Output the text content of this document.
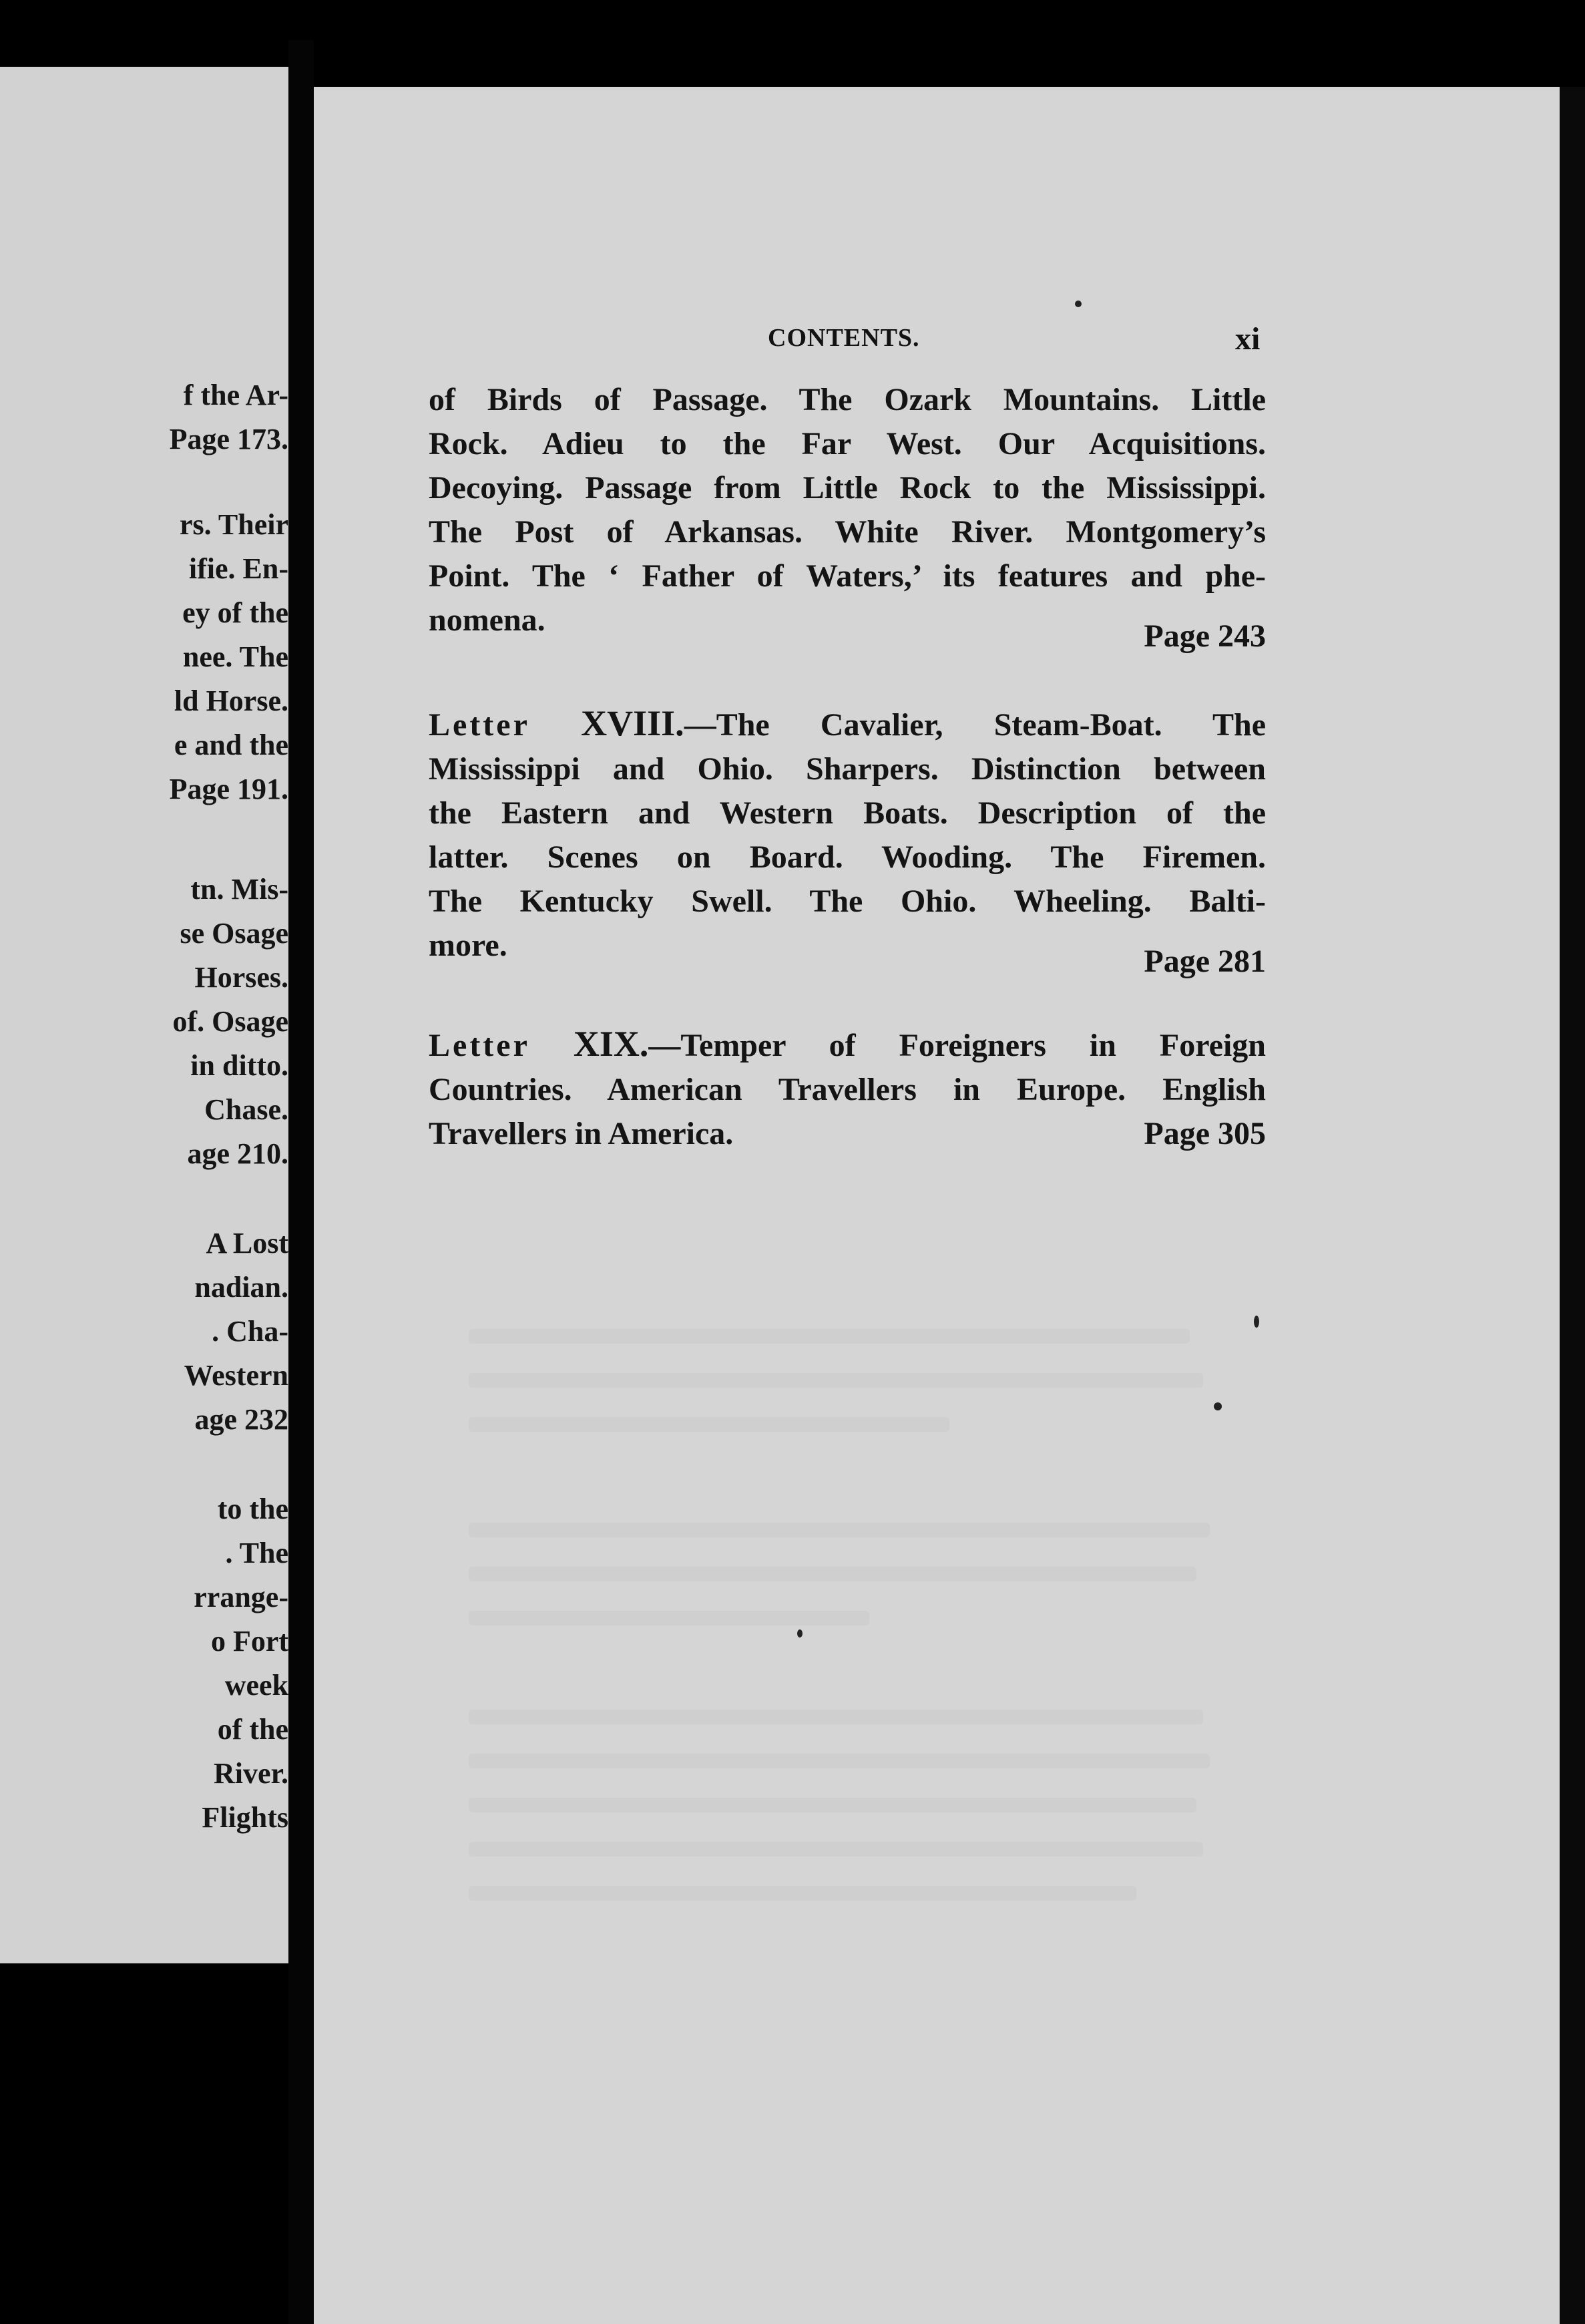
f the Ar-
Page 173.
rs. Their
ifie. En-
ey of the
nee. The
ld Horse.
e and the
Page 191.
tn. Mis-
se Osage
Horses.
of. Osage
in ditto.
Chase.
age 210.
A Lost
nadian.
. Cha-
Western
age 232
to the
. The
rrange-
o Fort
week
of the
River.
Flights
CONTENTS.	xi
of Birds of Passage. The Ozark Mountains. Little
Rock. Adieu to the Far West. Our Acquisitions.
Decoying. Passage from Little Rock to the Mississippi.
The Post of Arkansas. White River. Montgomery’s
Point. The ‘ Father of Waters,’ its features and phe-
nomena.	Page 243
Letter XVIII.—The Cavalier, Steam-Boat. The
Mississippi and Ohio. Sharpers. Distinction between
the Eastern and Western Boats. Description of the
latter. Scenes on Board. Wooding. The Firemen.
The Kentucky Swell. The Ohio. Wheeling. Balti-
more.	Page 281
Letter XIX.—Temper of Foreigners in Foreign
Countries. American Travellers in Europe. English
Travellers in America.	Page 305
